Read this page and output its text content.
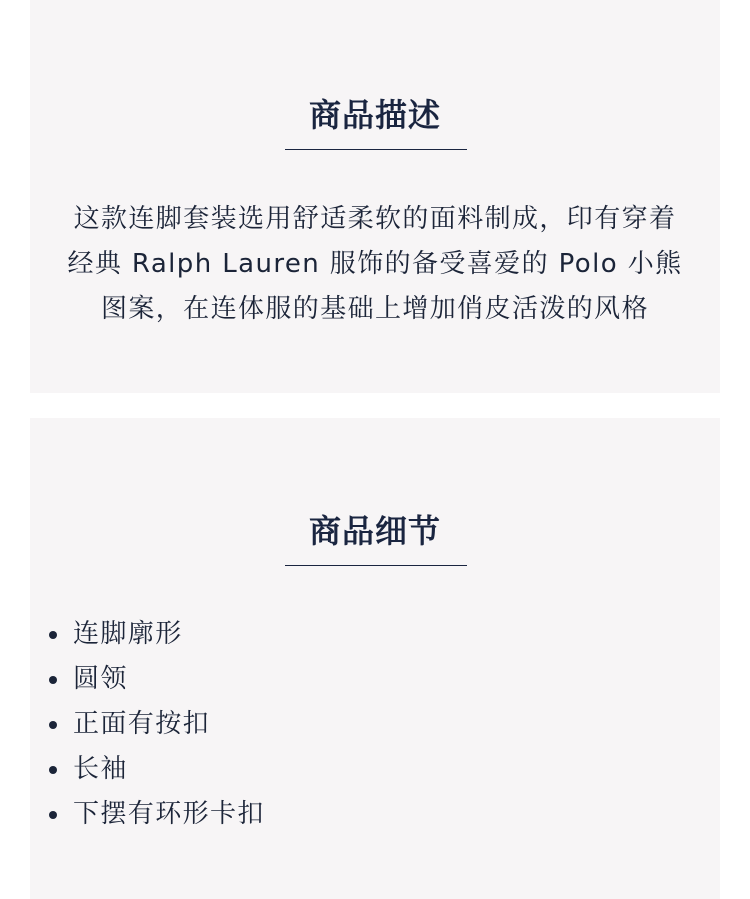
商品描述

这款连脚套装选用舒适柔软的面料制成，印有穿着经典 Ralph Lauren 服饰的备受喜爱的 Polo 小熊图案，在连体服的基础上增加俏皮活泼的风格

商品细节
连脚廓形
圆领
正面有按扣
长袖
下摆有环形卡扣
